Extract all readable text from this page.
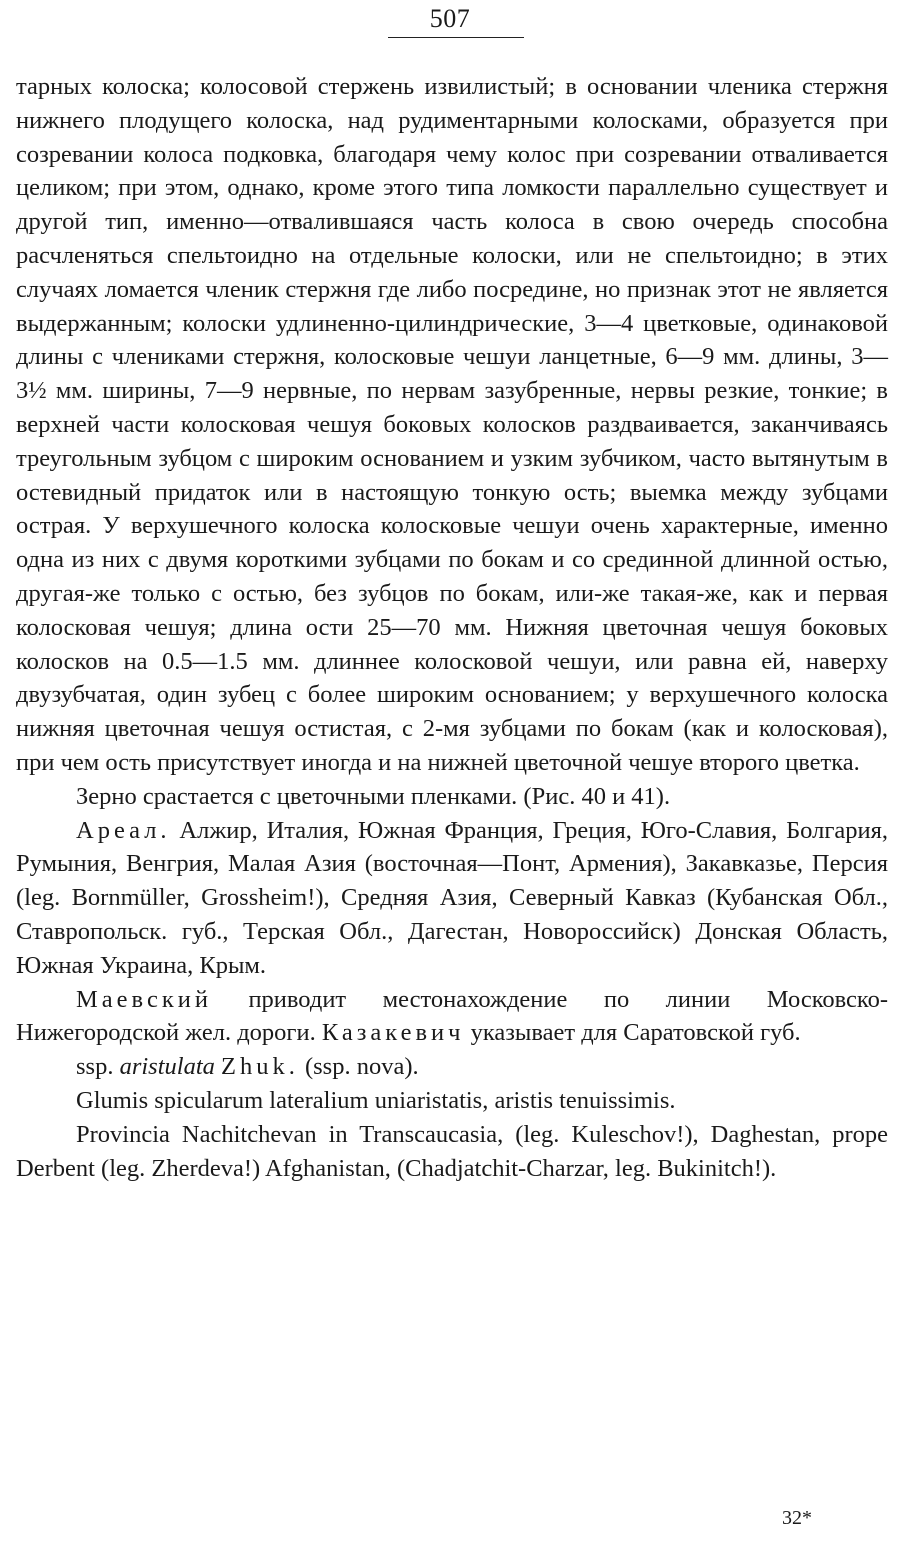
507

тарных колоска; колосовой стержень извилистый; в основании членика стержня нижнего плодущего колоска, над рудиментарными колосками, образуется при созревании колоса подковка, благодаря чему колос при созревании отваливается целиком; при этом, однако, кроме этого типа ломкости параллельно существует и другой тип, именно—отвалившаяся часть колоса в свою очередь способна расчленяться спельтоидно на отдельные колоски, или не спельтоидно; в этих случаях ломается членик стержня где либо посредине, но признак этот не является выдержанным; колоски удлиненно-цилиндрические, 3—4 цветковые, одинаковой длины с члениками стержня, колосковые чешуи ланцетные, 6—9 мм. длины, 3—3½ мм. ширины, 7—9 нервные, по нервам зазубренные, нервы резкие, тонкие; в верхней части колосковая чешуя боковых колосков раздваивается, заканчиваясь треугольным зубцом с широким основанием и узким зубчиком, часто вытянутым в остевидный придаток или в настоящую тонкую ость; выемка между зубцами острая. У верхушечного колоска колосковые чешуи очень характерные, именно одна из них с двумя короткими зубцами по бокам и со срединной длинной остью, другая-же только с остью, без зубцов по бокам, или-же такая-же, как и первая колосковая чешуя; длина ости 25—70 мм. Нижняя цветочная чешуя боковых колосков на 0.5—1.5 мм. длиннее колосковой чешуи, или равна ей, наверху двузубчатая, один зубец с более широким основанием; у верхушечного колоска нижняя цветочная чешуя остистая, с 2-мя зубцами по бокам (как и колосковая), при чем ость присутствует иногда и на нижней цветочной чешуе второго цветка.

Зерно срастается с цветочными пленками. (Рис. 40 и 41).

Ареал. Алжир, Италия, Южная Франция, Греция, Юго-Славия, Болгария, Румыния, Венгрия, Малая Азия (восточная—Понт, Армения), Закавказье, Персия (leg. Bornmüller, Grossheim!), Средняя Азия, Северный Кавказ (Кубанская Обл., Ставропольск. губ., Терская Обл., Дагестан, Новороссийск) Донская Область, Южная Украина, Крым.

Маевский приводит местонахождение по линии Московско-Нижегородской жел. дороги. Казакевич указывает для Саратовской губ.

ssp. aristulata Zhuk. (ssp. nova).

Glumis spicularum lateralium uniaristatis, aristis tenuissimis.

Provincia Nachitchevan in Transcaucasia, (leg. Kuleschov!), Daghestan, prope Derbent (leg. Zherdeva!) Afghanistan, (Chadjatchit-Charzar, leg. Bukinitch!).

32*
